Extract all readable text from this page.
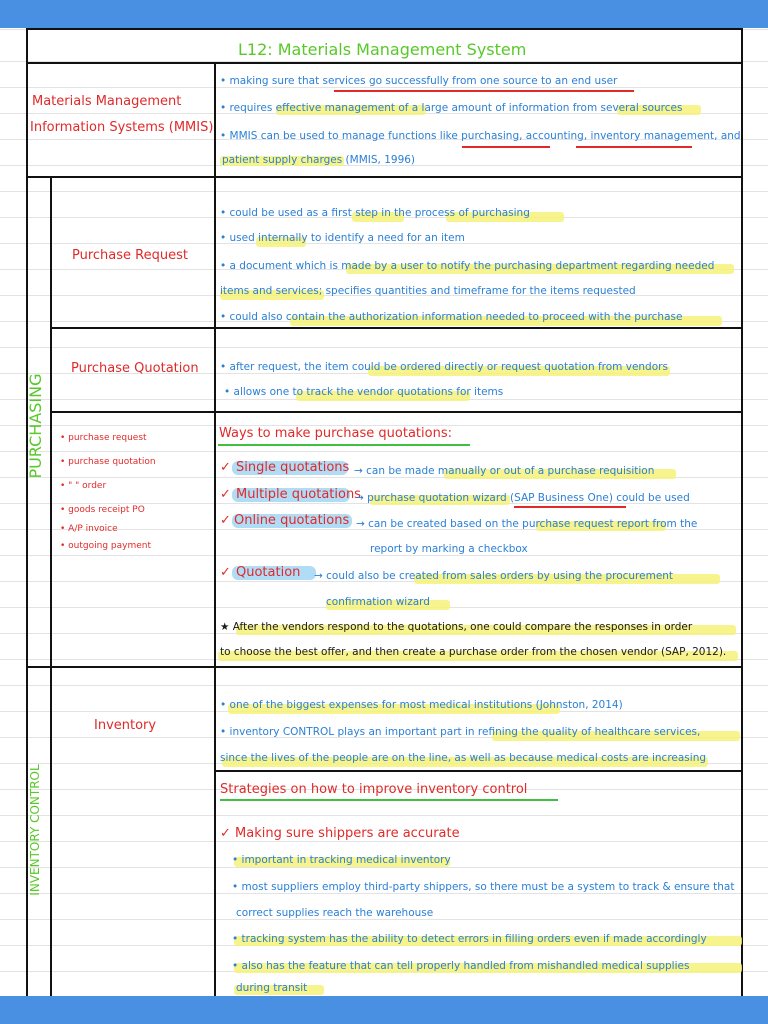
L12: Materials Management System
Materials Management
Information Systems (MMIS)
• making sure that services go successfully from one source to an end user
• requires effective management of a large amount of information from several sources
• MMIS can be used to manage functions like purchasing, accounting, inventory management, and
patient supply charges (MMIS, 1996)
PURCHASING
INVENTORY CONTROL
Purchase Request
• could be used as a first step in the process of purchasing
• used internally to identify a need for an item
• a document which is made by a user to notify the purchasing department regarding needed
items and services; specifies quantities and timeframe for the items requested
• could also contain the authorization information needed to proceed with the purchase
Purchase Quotation • after request, the item could be ordered directly or request quotation from vendors
• allows one to track the vendor quotations for items
• purchase request
• purchase quotation
• " " order
• goods receipt PO
• A/P invoice
• outgoing payment
Ways to make purchase quotations:
✓ Single quotations → can be made manually or out of a purchase requisition
✓ Multiple quotations
→ purchase quotation wizard (SAP Business One) could be used
✓ Online quotations → can be created based on the purchase request report from the
report by marking a checkbox
✓ Quotation → could also be created from sales orders by using the procurement
confirmation wizard
★ After the vendors respond to the quotations, one could compare the responses in order
to choose the best offer, and then create a purchase order from the chosen vendor (SAP, 2012).
Inventory
• one of the biggest expenses for most medical institutions (Johnston, 2014)
• inventory CONTROL plays an important part in refining the quality of healthcare services,
since the lives of the people are on the line, as well as because medical costs are increasing
Strategies on how to improve inventory control
✓ Making sure shippers are accurate
• important in tracking medical inventory
• most suppliers employ third-party shippers, so there must be a system to track & ensure that
correct supplies reach the warehouse
• tracking system has the ability to detect errors in filling orders even if made accordingly
• also has the feature that can tell properly handled from mishandled medical supplies
during transit
